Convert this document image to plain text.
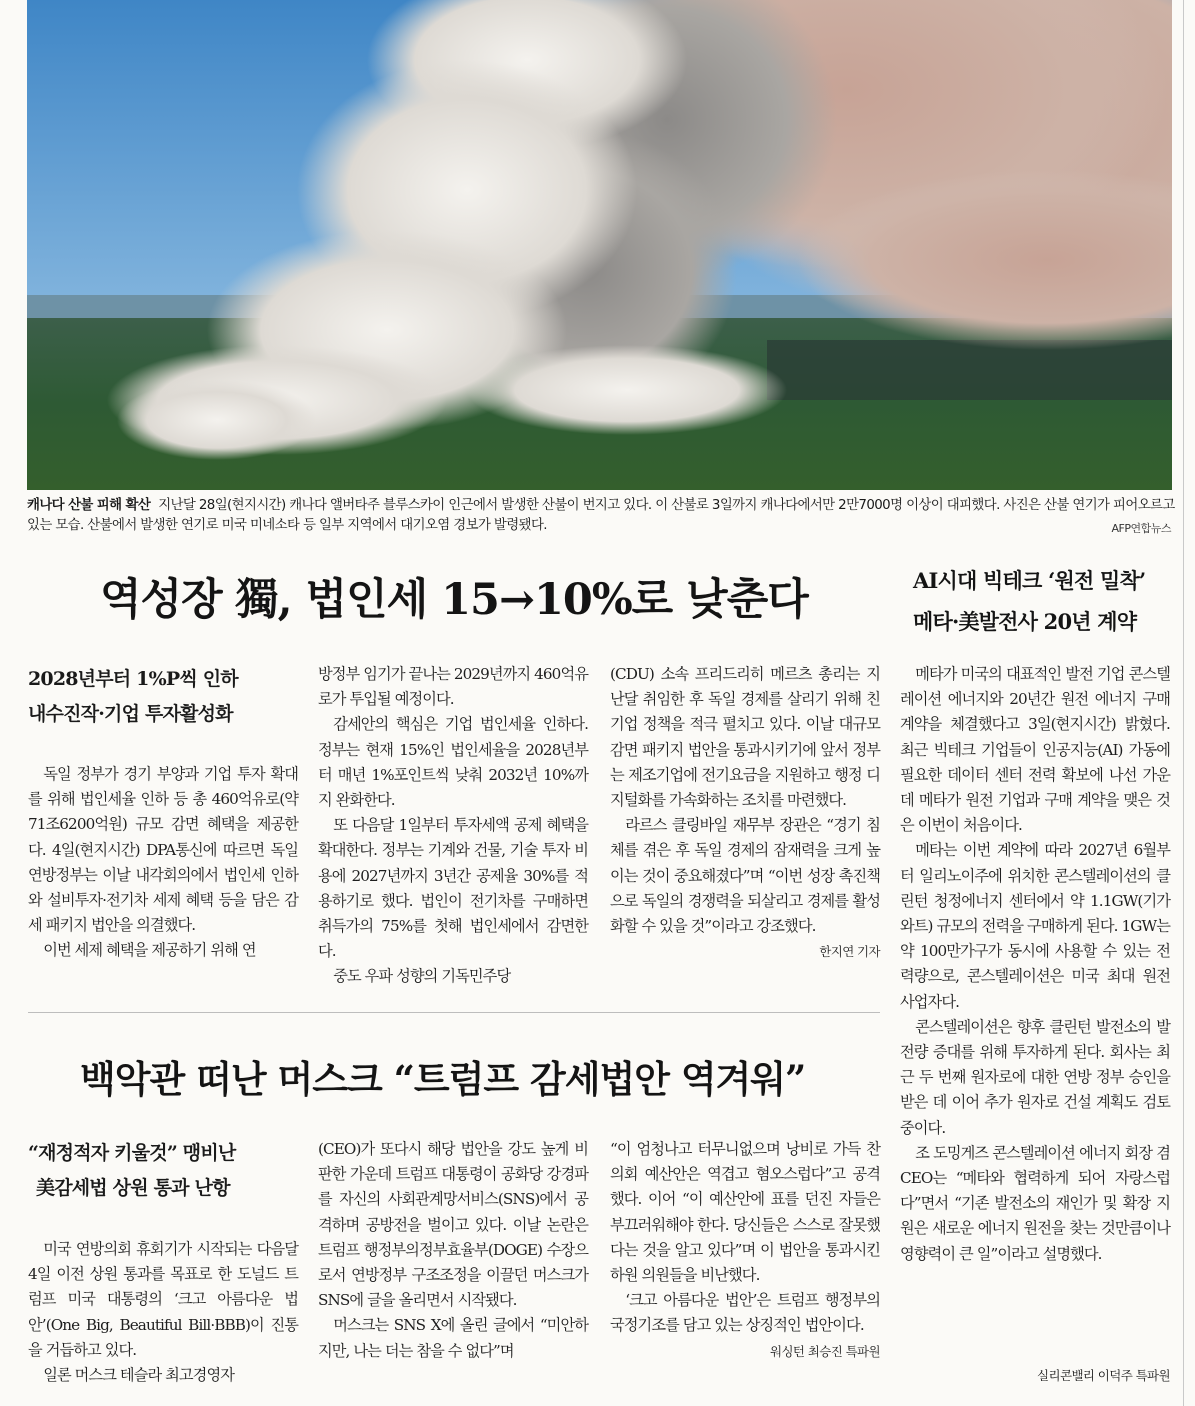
캐나다 산불 피해 확산 지난달 28일(현지시간) 캐나다 앨버타주 블루스카이 인근에서 발생한 산불이 번지고 있다. 이 산불로 3일까지 캐나다에서만 2만7000명 이상이 대피했다. 사진은 산불 연기가 피어오르고 있는 모습. 산불에서 발생한 연기로 미국 미네소타 등 일부 지역에서 대기오염 경보가 발령됐다.	AFP연합뉴스
역성장 獨, 법인세 15→10%로 낮춘다
2028년부터 1%P씩 인하
내수진작·기업 투자활성화

독일 정부가 경기 부양과 기업 투자 확대를 위해 법인세율 인하 등 총 460억유로(약 71조6200억원) 규모 감면 혜택을 제공한다. 4일(현지시간) DPA통신에 따르면 독일 연방정부는 이날 내각회의에서 법인세 인하와 설비투자·전기차 세제 혜택 등을 담은 감세 패키지 법안을 의결했다.

이번 세제 혜택을 제공하기 위해 연

방정부 임기가 끝나는 2029년까지 460억유로가 투입될 예정이다.

감세안의 핵심은 기업 법인세율 인하다. 정부는 현재 15%인 법인세율을 2028년부터 매년 1%포인트씩 낮춰 2032년 10%까지 완화한다.

또 다음달 1일부터 투자세액 공제 혜택을 확대한다. 정부는 기계와 건물, 기술 투자 비용에 2027년까지 3년간 공제율 30%를 적용하기로 했다. 법인이 전기차를 구매하면 취득가의 75%를 첫해 법인세에서 감면한다.

중도 우파 성향의 기독민주당

(CDU) 소속 프리드리히 메르츠 총리는 지난달 취임한 후 독일 경제를 살리기 위해 친기업 정책을 적극 펼치고 있다. 이날 대규모 감면 패키지 법안을 통과시키기에 앞서 정부는 제조기업에 전기요금을 지원하고 행정 디지털화를 가속화하는 조치를 마련했다.

라르스 클링바일 재무부 장관은 “경기 침체를 겪은 후 독일 경제의 잠재력을 크게 높이는 것이 중요해졌다”며 “이번 성장 촉진책으로 독일의 경쟁력을 되살리고 경제를 활성화할 수 있을 것”이라고 강조했다.
한지연 기자

백악관 떠난 머스크 “트럼프 감세법안 역겨워”
“재정적자 키울것” 맹비난
美감세법 상원 통과 난항

미국 연방의회 휴회기가 시작되는 다음달 4일 이전 상원 통과를 목표로 한 도널드 트럼프 미국 대통령의 ‘크고 아름다운 법안’(One Big, Beautiful Bill·BBB)이 진통을 거듭하고 있다.

일론 머스크 테슬라 최고경영자

(CEO)가 또다시 해당 법안을 강도 높게 비판한 가운데 트럼프 대통령이 공화당 강경파를 자신의 사회관계망서비스(SNS)에서 공격하며 공방전을 벌이고 있다. 이날 논란은 트럼프 행정부의정부효율부(DOGE) 수장으로서 연방정부 구조조정을 이끌던 머스크가 SNS에 글을 올리면서 시작됐다.

머스크는 SNS X에 올린 글에서 “미안하지만, 나는 더는 참을 수 없다”며

“이 엄청나고 터무니없으며 낭비로 가득 찬 의회 예산안은 역겹고 혐오스럽다”고 공격했다. 이어 “이 예산안에 표를 던진 자들은 부끄러워해야 한다. 당신들은 스스로 잘못했다는 것을 알고 있다”며 이 법안을 통과시킨 하원 의원들을 비난했다.

‘크고 아름다운 법안’은 트럼프 행정부의 국정기조를 담고 있는 상징적인 법안이다.
워싱턴 최승진 특파원

AI시대 빅테크 ‘원전 밀착’
메타·美발전사 20년 계약

메타가 미국의 대표적인 발전 기업 콘스텔레이션 에너지와 20년간 원전 에너지 구매 계약을 체결했다고 3일(현지시간) 밝혔다. 최근 빅테크 기업들이 인공지능(AI) 가동에 필요한 데이터 센터 전력 확보에 나선 가운데 메타가 원전 기업과 구매 계약을 맺은 것은 이번이 처음이다.

메타는 이번 계약에 따라 2027년 6월부터 일리노이주에 위치한 콘스텔레이션의 클린턴 청정에너지 센터에서 약 1.1GW(기가와트) 규모의 전력을 구매하게 된다. 1GW는 약 100만가구가 동시에 사용할 수 있는 전력량으로, 콘스텔레이션은 미국 최대 원전 사업자다.

콘스텔레이션은 향후 클린턴 발전소의 발전량 증대를 위해 투자하게 된다. 회사는 최근 두 번째 원자로에 대한 연방 정부 승인을 받은 데 이어 추가 원자로 건설 계획도 검토 중이다.

조 도밍게즈 콘스텔레이션 에너지 회장 겸 CEO는 “메타와 협력하게 되어 자랑스럽다”면서 “기존 발전소의 재인가 및 확장 지원은 새로운 에너지 원전을 찾는 것만큼이나 영향력이 큰 일”이라고 설명했다.

실리콘밸리 이덕주 특파원
